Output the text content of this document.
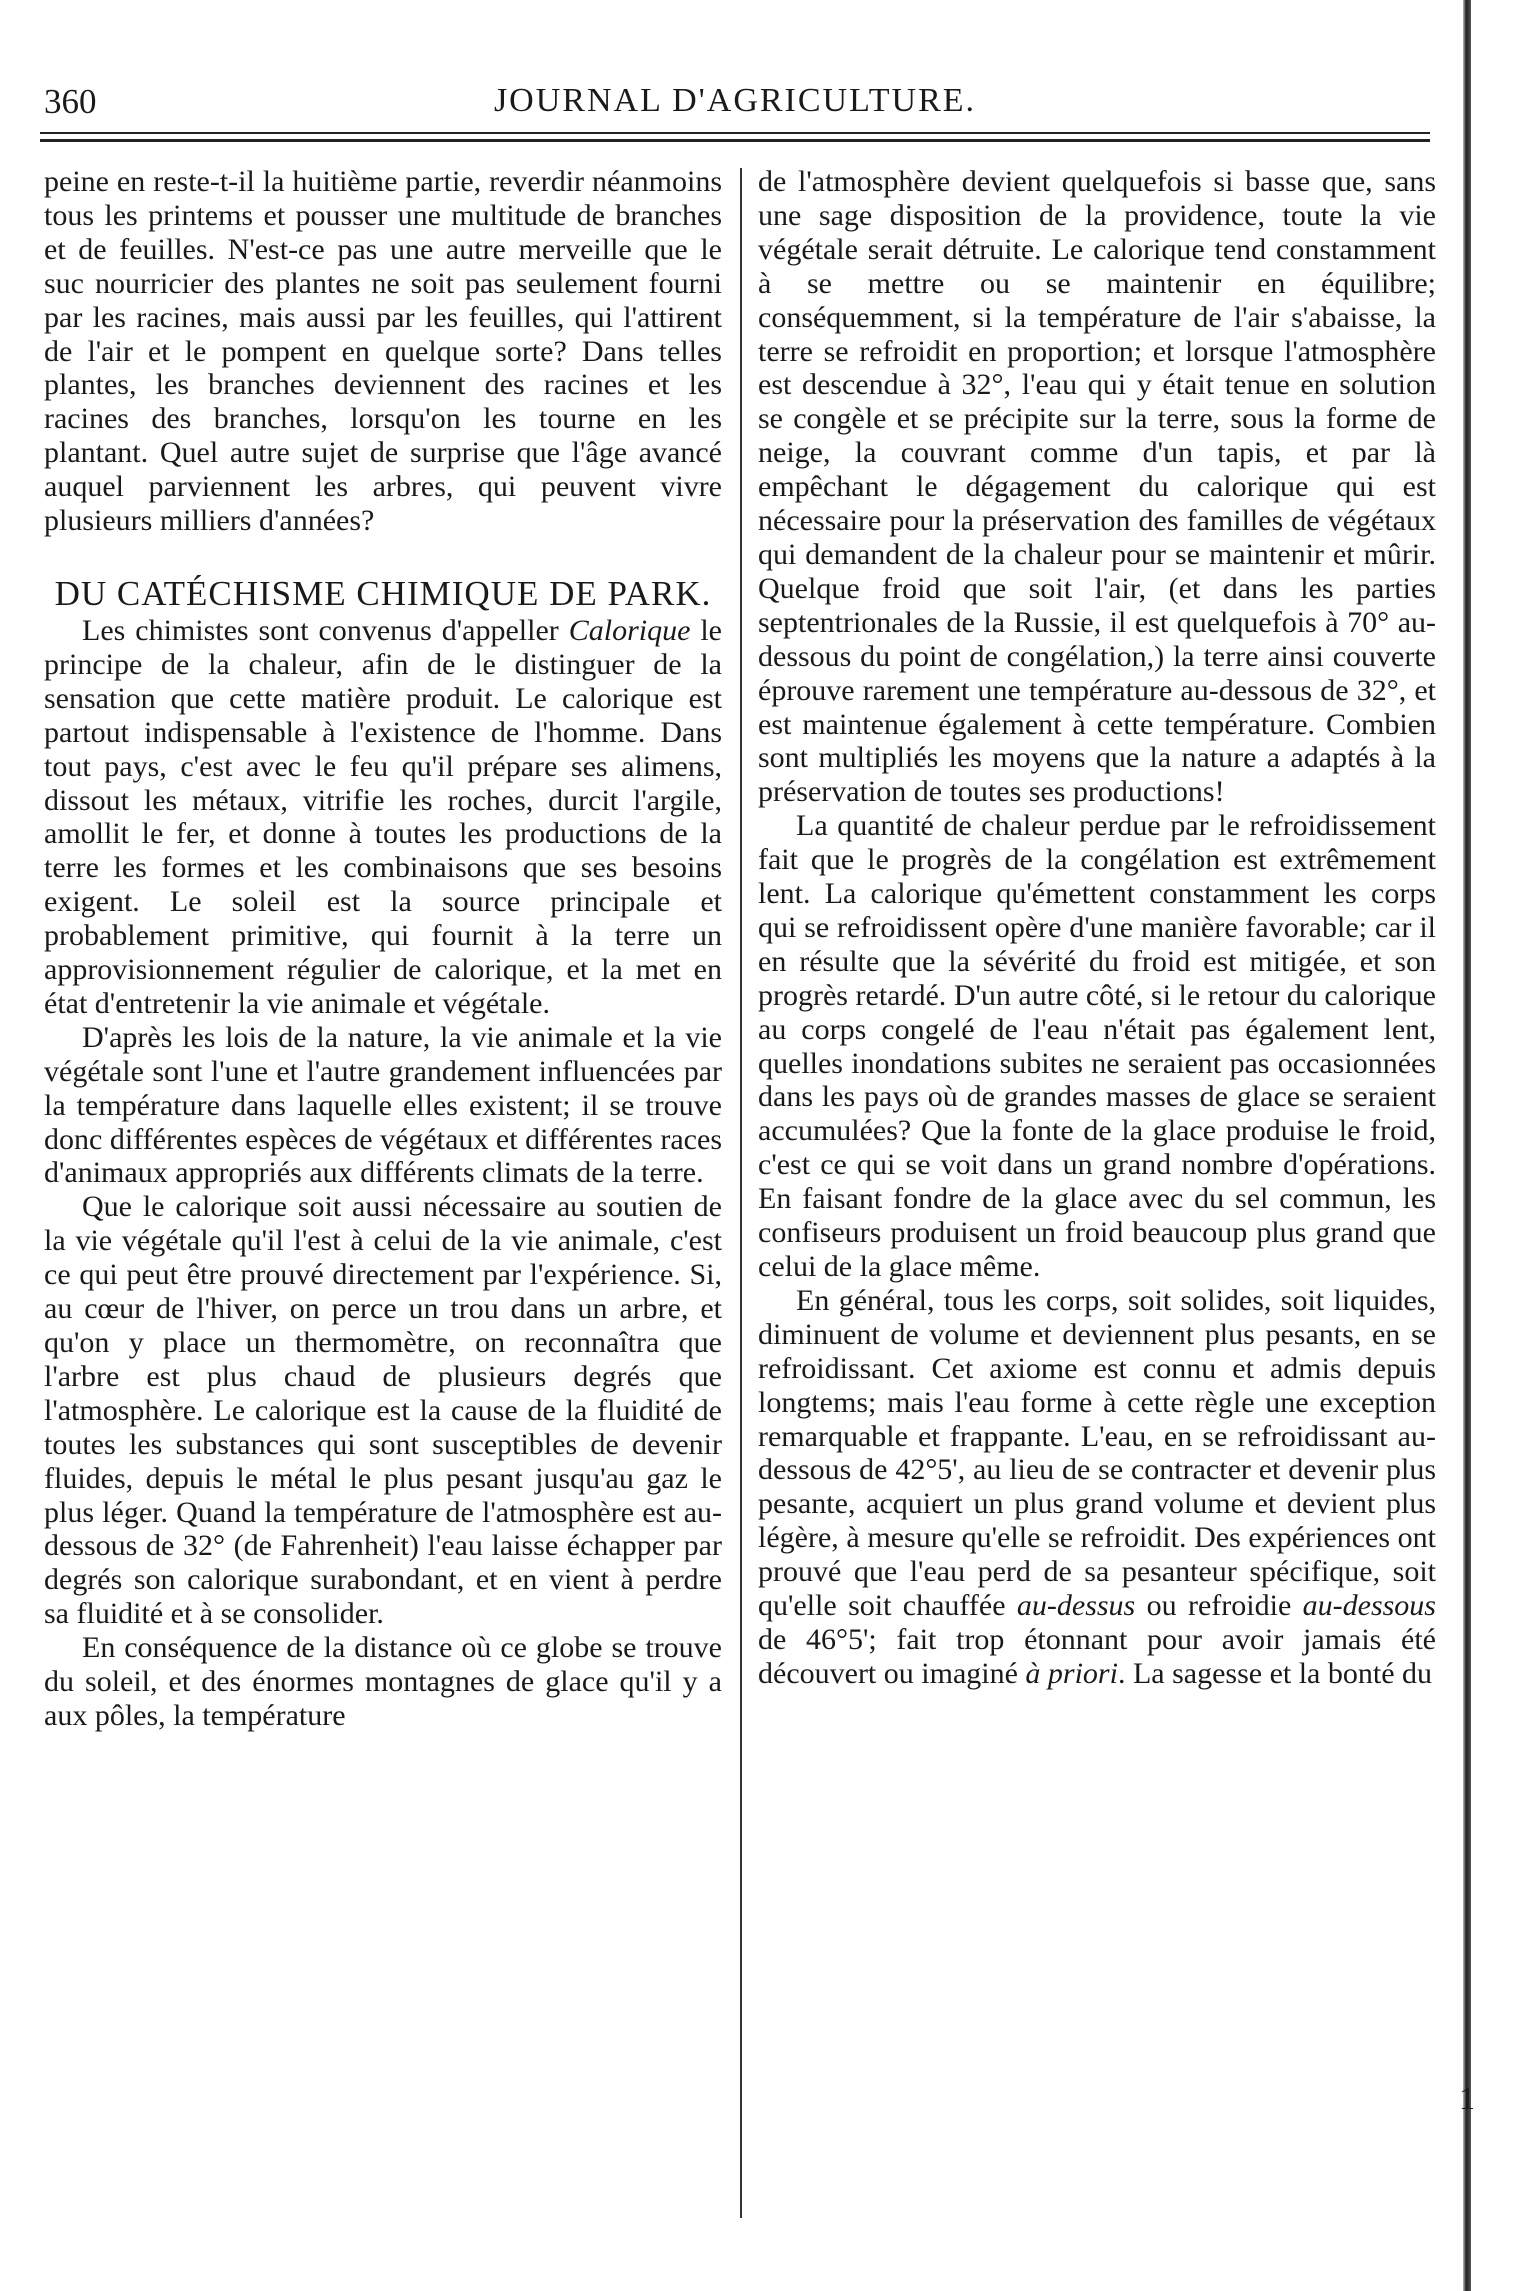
360	JOURNAL D'AGRICULTURE.

peine en reste-t-il la huitième partie, reverdir néanmoins tous les printems et pousser une multitude de branches et de feuilles. N'est-ce pas une autre merveille que le suc nourricier des plantes ne soit pas seulement fourni par les racines, mais aussi par les feuilles, qui l'attirent de l'air et le pompent en quelque sorte? Dans telles plantes, les branches deviennent des racines et les racines des branches, lorsqu'on les tourne en les plantant. Quel autre sujet de surprise que l'âge avancé auquel parviennent les arbres, qui peuvent vivre plusieurs milliers d'années?

DU CATÉCHISME CHIMIQUE DE PARK.

Les chimistes sont convenus d'appeller Calorique le principe de la chaleur, afin de le distinguer de la sensation que cette matière produit. Le calorique est partout indispensable à l'existence de l'homme. Dans tout pays, c'est avec le feu qu'il prépare ses alimens, dissout les métaux, vitrifie les roches, durcit l'argile, amollit le fer, et donne à toutes les productions de la terre les formes et les combinaisons que ses besoins exigent. Le soleil est la source principale et probablement primitive, qui fournit à la terre un approvisionnement régulier de calorique, et la met en état d'entretenir la vie animale et végétale.

D'après les lois de la nature, la vie animale et la vie végétale sont l'une et l'autre grandement influencées par la température dans laquelle elles existent; il se trouve donc différentes espèces de végétaux et différentes races d'animaux appropriés aux différents climats de la terre.

Que le calorique soit aussi nécessaire au soutien de la vie végétale qu'il l'est à celui de la vie animale, c'est ce qui peut être prouvé directement par l'expérience. Si, au cœur de l'hiver, on perce un trou dans un arbre, et qu'on y place un thermomètre, on reconnaîtra que l'arbre est plus chaud de plusieurs degrés que l'atmosphère. Le calorique est la cause de la fluidité de toutes les substances qui sont susceptibles de devenir fluides, depuis le métal le plus pesant jusqu'au gaz le plus léger. Quand la température de l'atmosphère est au-dessous de 32° (de Fahrenheit) l'eau laisse échapper par degrés son calorique surabondant, et en vient à perdre sa fluidité et à se consolider.

En conséquence de la distance où ce globe se trouve du soleil, et des énormes montagnes de glace qu'il y a aux pôles, la température

de l'atmosphère devient quelquefois si basse que, sans une sage disposition de la providence, toute la vie végétale serait détruite. Le calorique tend constamment à se mettre ou se maintenir en équilibre; conséquemment, si la température de l'air s'abaisse, la terre se refroidit en proportion; et lorsque l'atmosphère est descendue à 32°, l'eau qui y était tenue en solution se congèle et se précipite sur la terre, sous la forme de neige, la couvrant comme d'un tapis, et par là empêchant le dégagement du calorique qui est nécessaire pour la préservation des familles de végétaux qui demandent de la chaleur pour se maintenir et mûrir. Quelque froid que soit l'air, (et dans les parties septentrionales de la Russie, il est quelquefois à 70° au-dessous du point de congélation,) la terre ainsi couverte éprouve rarement une température au-dessous de 32°, et est maintenue également à cette température. Combien sont multipliés les moyens que la nature a adaptés à la préservation de toutes ses productions!

La quantité de chaleur perdue par le refroidissement fait que le progrès de la congélation est extrêmement lent. La calorique qu'émettent constamment les corps qui se refroidissent opère d'une manière favorable; car il en résulte que la sévérité du froid est mitigée, et son progrès retardé. D'un autre côté, si le retour du calorique au corps congelé de l'eau n'était pas également lent, quelles inondations subites ne seraient pas occasionnées dans les pays où de grandes masses de glace se seraient accumulées? Que la fonte de la glace produise le froid, c'est ce qui se voit dans un grand nombre d'opérations. En faisant fondre de la glace avec du sel commun, les confiseurs produisent un froid beaucoup plus grand que celui de la glace même.

En général, tous les corps, soit solides, soit liquides, diminuent de volume et deviennent plus pesants, en se refroidissant. Cet axiome est connu et admis depuis longtems; mais l'eau forme à cette règle une exception remarquable et frappante. L'eau, en se refroidissant au-dessous de 42°5', au lieu de se contracter et devenir plus pesante, acquiert un plus grand volume et devient plus légère, à mesure qu'elle se refroidit. Des expériences ont prouvé que l'eau perd de sa pesanteur spécifique, soit qu'elle soit chauffée au-dessus ou refroidie au-dessous de 46°5'; fait trop étonnant pour avoir jamais été découvert ou imaginé à priori. La sagesse et la bonté du

1
